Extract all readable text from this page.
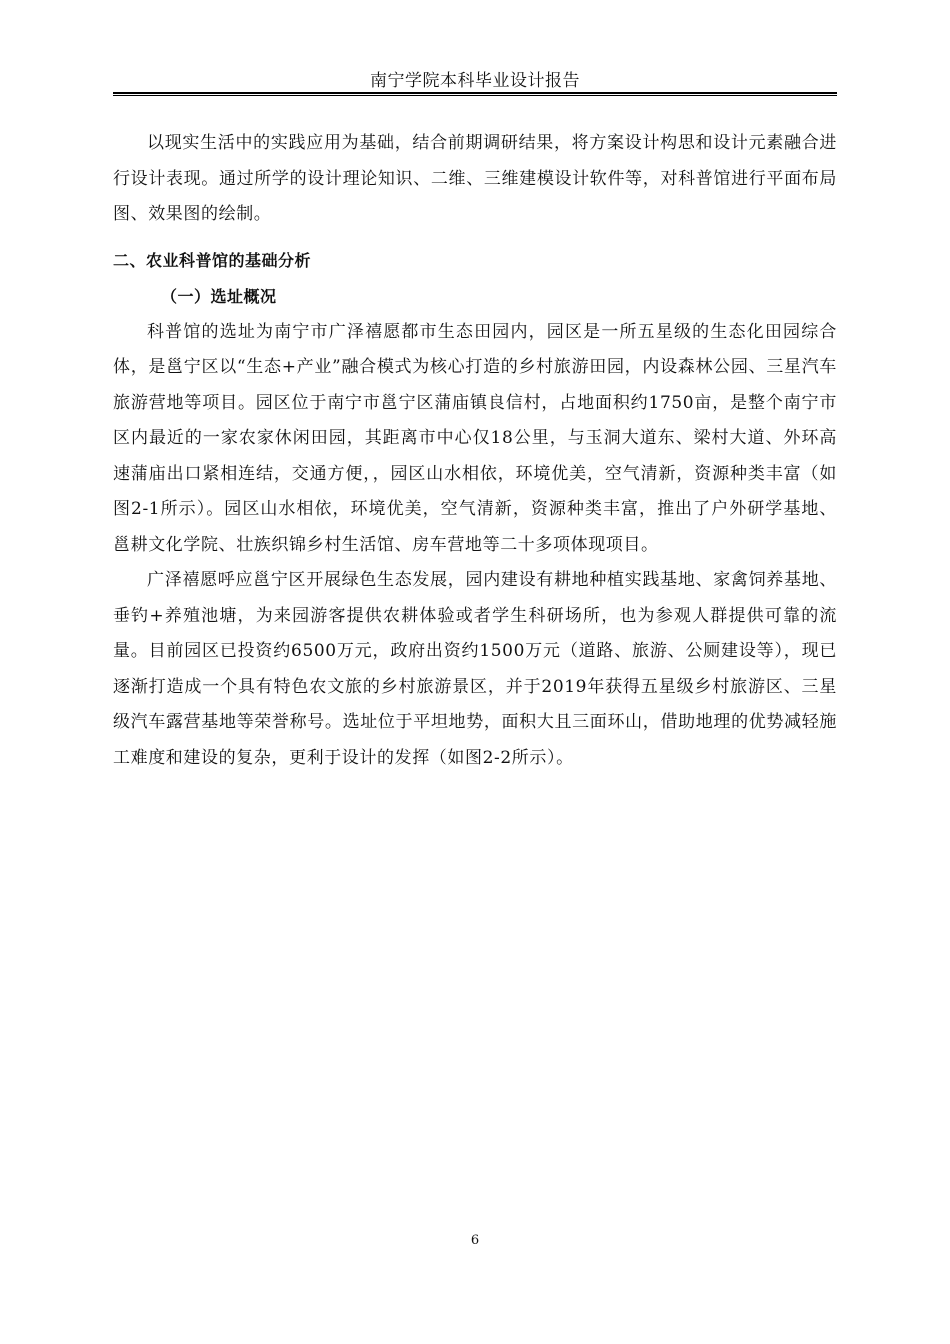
南宁学院本科毕业设计报告

以现实生活中的实践应用为基础，结合前期调研结果，将方案设计构思和设计元素融合进行设计表现。通过所学的设计理论知识、二维、三维建模设计软件等，对科普馆进行平面布局图、效果图的绘制。

二、农业科普馆的基础分析

（一）选址概况

科普馆的选址为南宁市广泽禧愿都市生态田园内，园区是一所五星级的生态化田园综合体，是邕宁区以“生态+产业”融合模式为核心打造的乡村旅游田园，内设森林公园、三星汽车旅游营地等项目。园区位于南宁市邕宁区蒲庙镇良信村，占地面积约1750亩，是整个南宁市区内最近的一家农家休闲田园，其距离市中心仅18公里，与玉洞大道东、梁村大道、外环高速蒲庙出口紧相连结，交通方便，，园区山水相依，环境优美，空气清新，资源种类丰富（如图2-1所示）。园区山水相依，环境优美，空气清新，资源种类丰富，推出了户外研学基地、邕耕文化学院、壮族织锦乡村生活馆、房车营地等二十多项体现项目。

广泽禧愿呼应邕宁区开展绿色生态发展，园内建设有耕地种植实践基地、家禽饲养基地、垂钓+养殖池塘，为来园游客提供农耕体验或者学生科研场所，也为参观人群提供可靠的流量。目前园区已投资约6500万元，政府出资约1500万元（道路、旅游、公厕建设等），现已逐渐打造成一个具有特色农文旅的乡村旅游景区，并于2019年获得五星级乡村旅游区、三星级汽车露营基地等荣誉称号。选址位于平坦地势，面积大且三面环山，借助地理的优势减轻施工难度和建设的复杂，更利于设计的发挥（如图2-2所示）。

6
